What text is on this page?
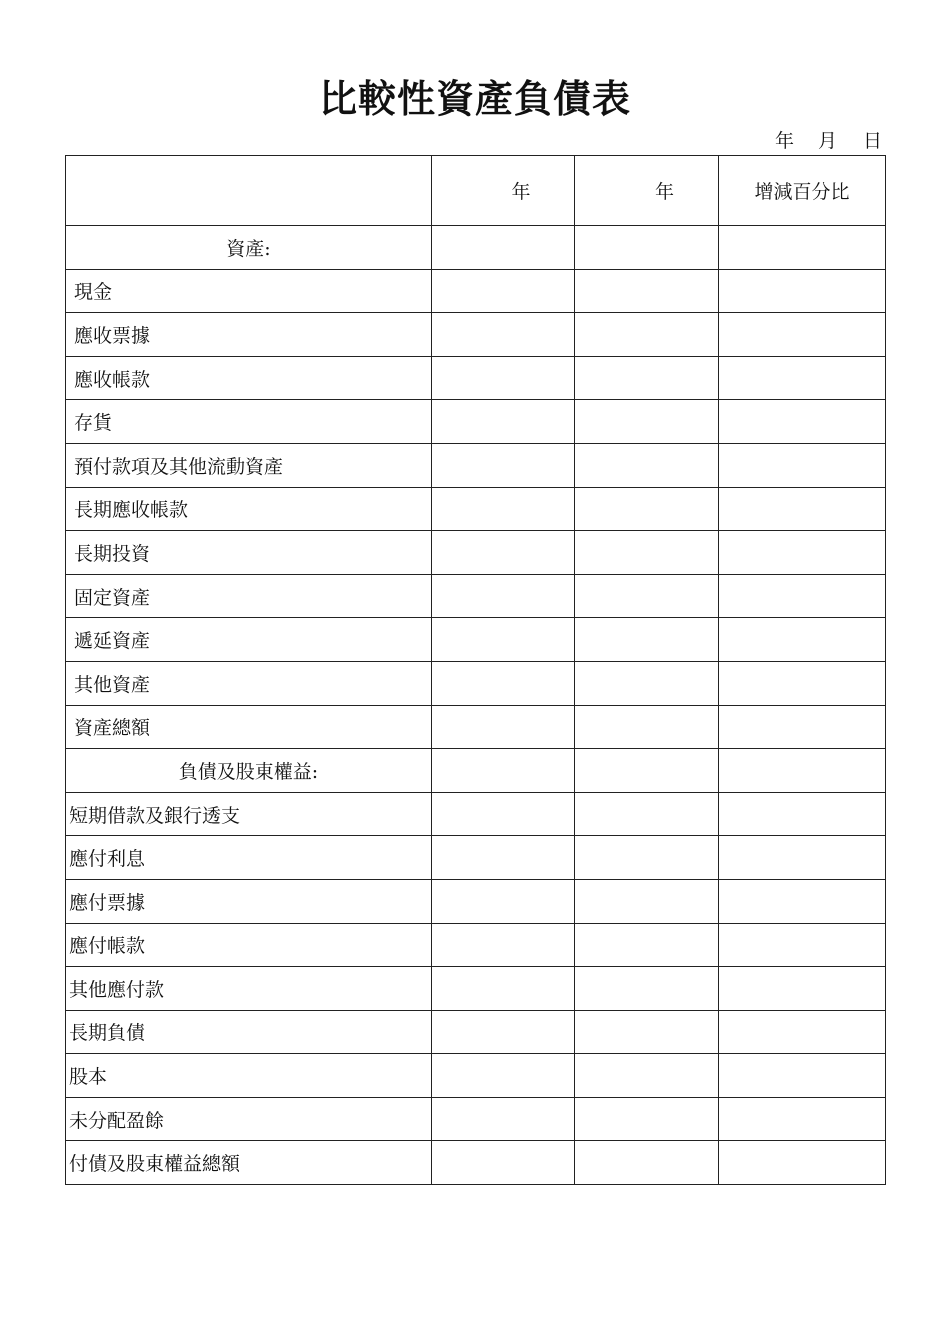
比較性資產負債表
年 月 日
	年	年	增減百分比
資產:			
現金			
應收票據			
應收帳款			
存貨			
預付款項及其他流動資產			
長期應收帳款			
長期投資			
固定資產			
遞延資產			
其他資產			
資產總額			
負債及股東權益:			
短期借款及銀行透支			
應付利息			
應付票據			
應付帳款			
其他應付款			
長期負債			
股本			
未分配盈餘			
付債及股東權益總額			
